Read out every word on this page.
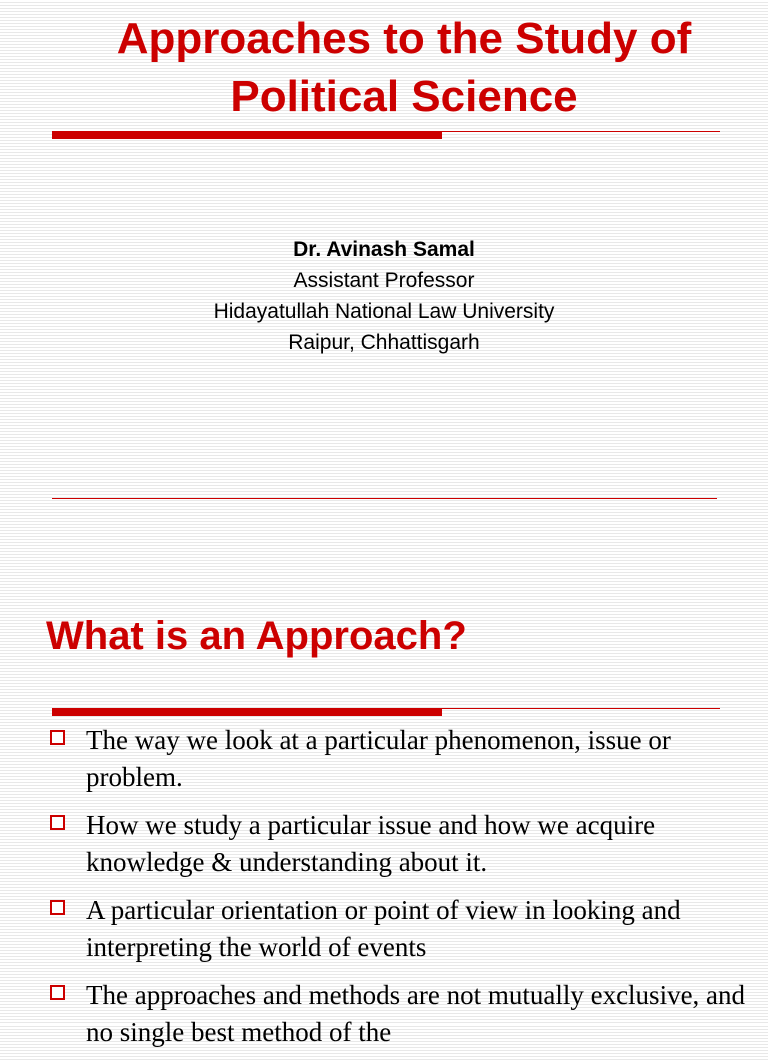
Approaches to the Study of Political Science
Dr. Avinash Samal
Assistant Professor
Hidayatullah National Law University
Raipur, Chhattisgarh
What is an Approach?
The way we look at a particular phenomenon, issue or problem.
How we study a particular issue and how we acquire knowledge & understanding about it.
A particular orientation or point of view in looking and interpreting the world of events
The approaches and methods are not mutually exclusive, and no single best method of the
